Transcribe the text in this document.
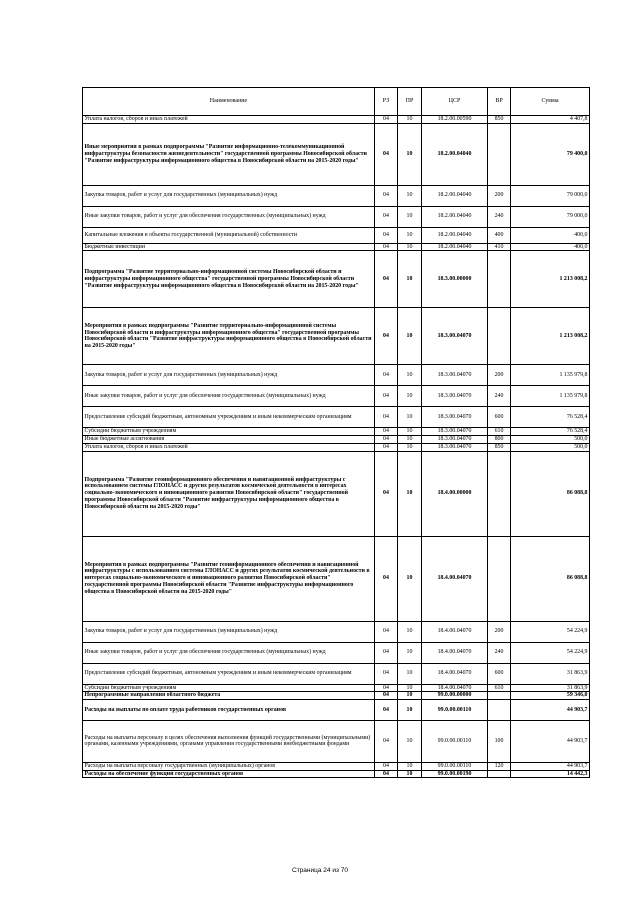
Наименование	РЗ	ПР	ЦСР	ВР	Сумма
Уплата налогов, сборов и иных платежей	04	10	18.2.00.00590	850	4 407,8
Иные мероприятия в рамках подпрограммы "Развитие информационно-телекоммуникационной инфраструктуры безопасности жизнедеятельности" государственной программы Новосибирской области "Развитие инфраструктуры информационного общества в Новосибирской области на 2015-2020 годы"	04	10	18.2.00.04040		79 400,0
Закупка товаров, работ и услуг для государственных (муниципальных) нужд	04	10	18.2.00.04040	200	79 000,0
Иные закупки товаров, работ и услуг для обеспечения государственных (муниципальных) нужд	04	10	18.2.00.04040	240	79 000,0
Капитальные вложения в объекты государственной (муниципальной) собственности	04	10	18.2.00.04040	400	400,0
Бюджетные инвестиции	04	10	18.2.00.04040	410	400,0
Подпрограмма "Развитие территориально-информационной системы Новосибирской области и инфраструктуры информационного общества" государственной программы Новосибирской области "Развитие инфраструктуры информационного общества в Новосибирской области на 2015-2020 годы"	04	10	18.3.00.00000		1 213 008,2
Мероприятия в рамках подпрограммы "Развитие территориально-информационной системы Новосибирской области и инфраструктуры информационного общества" государственной программы Новосибирской области "Развитие инфраструктуры информационного общества в Новосибирской области на 2015-2020 годы"	04	10	18.3.00.04070		1 213 008,2
Закупка товаров, работ и услуг для государственных (муниципальных) нужд	04	10	18.3.00.04070	200	1 135 979,8
Иные закупки товаров, работ и услуг для обеспечения государственных (муниципальных) нужд	04	10	18.3.00.04070	240	1 135 979,8
Предоставление субсидий бюджетным, автономным учреждениям и иным некоммерческим организациям	04	10	18.3.00.04070	600	76 528,4
Субсидии бюджетным учреждениям	04	10	18.3.00.04070	610	76 528,4
Иные бюджетные ассигнования	04	10	18.3.00.04070	800	500,0
Уплата налогов, сборов и иных платежей	04	10	18.3.00.04070	850	500,0
Подпрограмма "Развитие геоинформационного обеспечения и навигационной инфраструктуры с использованием системы ГЛОНАСС и других результатов космической деятельности в интересах социально-экономического и инновационного развития Новосибирской области" государственной программы Новосибирской области "Развитие инфраструктуры информационного общества в Новосибирской области на 2015-2020 годы"	04	10	18.4.00.00000		86 088,8
Мероприятия в рамках подпрограммы "Развитие геоинформационного обеспечения и навигационной инфраструктуры с использованием системы ГЛОНАСС и других результатов космической деятельности в интересах социально-экономического и инновационного развития Новосибирской области" государственной программы Новосибирской области "Развитие инфраструктуры информационного общества в Новосибирской области на 2015-2020 годы"	04	10	18.4.00.04070		86 088,8
Закупка товаров, работ и услуг для государственных (муниципальных) нужд	04	10	18.4.00.04070	200	54 224,9
Иные закупки товаров, работ и услуг для обеспечения государственных (муниципальных) нужд	04	10	18.4.00.04070	240	54 224,9
Предоставление субсидий бюджетным, автономным учреждениям и иным некоммерческим организациям	04	10	18.4.00.04070	600	31 863,9
Субсидии бюджетным учреждениям	04	10	18.4.00.04070	610	31 863,9
Непрограммные направления областного бюджета	04	10	99.0.00.00000		59 346,0
Расходы на выплаты по оплате труда работников государственных органов	04	10	99.0.00.00110		44 903,7
Расходы на выплаты персоналу в целях обеспечения выполнения функций государственными (муниципальными) органами, казенными учреждениями, органами управления государственными внебюджетными фондами	04	10	99.0.00.00110	100	44 903,7
Расходы на выплаты персоналу государственных (муниципальных) органов	04	10	99.0.00.00110	120	44 903,7
Расходы на обеспечение функций государственных органов	04	10	99.0.00.00190		14 442,3
Страница 24 из 70
